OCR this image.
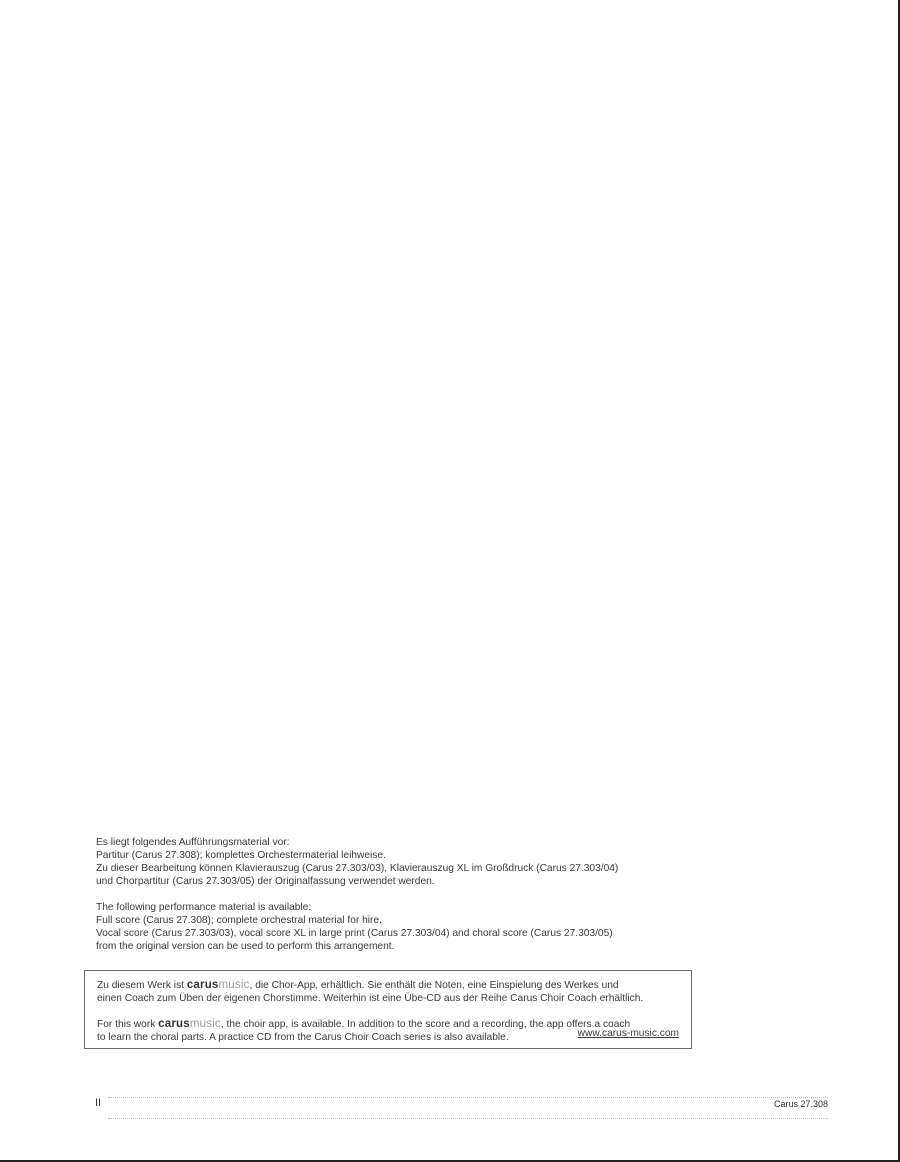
Es liegt folgendes Aufführungsmaterial vor:

Partitur (Carus 27.308); komplettes Orchestermaterial leihweise.

Zu dieser Bearbeitung können Klavierauszug (Carus 27.303/03), Klavierauszug XL im Großdruck (Carus 27.303/04)

und Chorpartitur (Carus 27.303/05) der Originalfassung verwendet werden.

The following performance material is available:

Full score (Carus 27.308); complete orchestral material for hire.

Vocal score (Carus 27.303/03), vocal score XL in large print (Carus 27.303/04) and choral score (Carus 27.303/05)

from the original version can be used to perform this arrangement.

Zu diesem Werk ist carusmusic, die Chor-App, erhältlich. Sie enthält die Noten, eine Einspielung des Werkes und

einen Coach zum Üben der eigenen Chorstimme. Weiterhin ist eine Übe-CD aus der Reihe Carus Choir Coach erhältlich.

For this work carusmusic, the choir app, is available. In addition to the score and a recording, the app offers a coach

to learn the choral parts. A practice CD from the Carus Choir Coach series is also available.	www.carus-music.com
II	Carus 27.308
